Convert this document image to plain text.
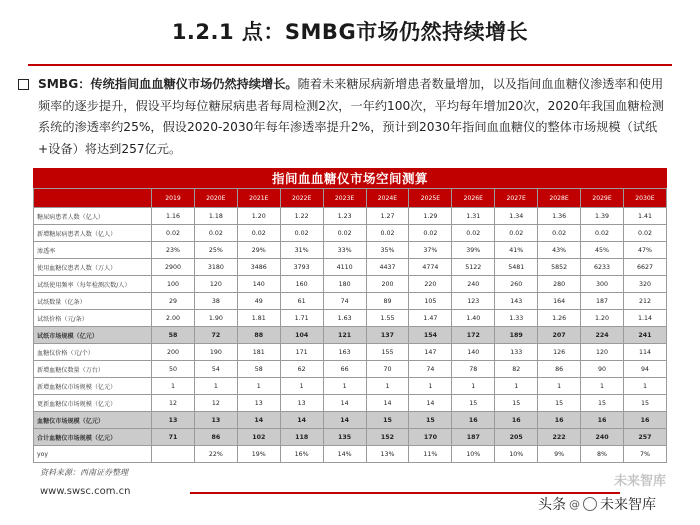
1.2.1 点：SMBG市场仍然持续增长
SMBG：传统指间血血糖仪市场仍然持续增长。随着未来糖尿病新增患者数量增加，以及指间血血糖仪渗透率和使用频率的逐步提升，假设平均每位糖尿病患者每周检测2次，一年约100次，平均每年增加20次，2020年我国血糖检测系统的渗透率约25%，假设2020-2030年每年渗透率提升2%，预计到2030年指间血血糖仪的整体市场规模（试纸+设备）将达到257亿元。
指间血血糖仪市场空间测算
	2019	2020E	2021E	2022E	2023E	2024E	2025E	2026E	2027E	2028E	2029E	2030E
糖尿病患者人数（亿人）	1.16	1.18	1.20	1.22	1.23	1.27	1.29	1.31	1.34	1.36	1.39	1.41
新增糖尿病患者人数（亿人）	0.02	0.02	0.02	0.02	0.02	0.02	0.02	0.02	0.02	0.02	0.02	0.02
渗透率	23%	25%	29%	31%	33%	35%	37%	39%	41%	43%	45%	47%
使用血糖仪患者人数（万人）	2900	3180	3486	3793	4110	4437	4774	5122	5481	5852	6233	6627
试纸使用频率（每年检测次数/人）	100	120	140	160	180	200	220	240	260	280	300	320
试纸数量（亿条）	29	38	49	61	74	89	105	123	143	164	187	212
试纸价格（元/条）	2.00	1.90	1.81	1.71	1.63	1.55	1.47	1.40	1.33	1.26	1.20	1.14
试纸市场规模（亿元）	58	72	88	104	121	137	154	172	189	207	224	241
血糖仪价格（元/个）	200	190	181	171	163	155	147	140	133	126	120	114
新增血糖仪数量（万台）	50	54	58	62	66	70	74	78	82	86	90	94
新增血糖仪市场规模（亿元）	1	1	1	1	1	1	1	1	1	1	1	1
更新血糖仪市场规模（亿元）	12	12	13	13	14	14	14	15	15	15	15	15
血糖仪市场规模（亿元）	13	13	14	14	14	15	15	16	16	16	16	16
合计血糖仪市场规模（亿元）	71	86	102	118	135	152	170	187	205	222	240	257
yoy		22%	19%	16%	14%	13%	11%	10%	10%	9%	8%	7%
资料来源：西南证券整理
www.swsc.com.cn
未来智库
头条 @ 未来智库
